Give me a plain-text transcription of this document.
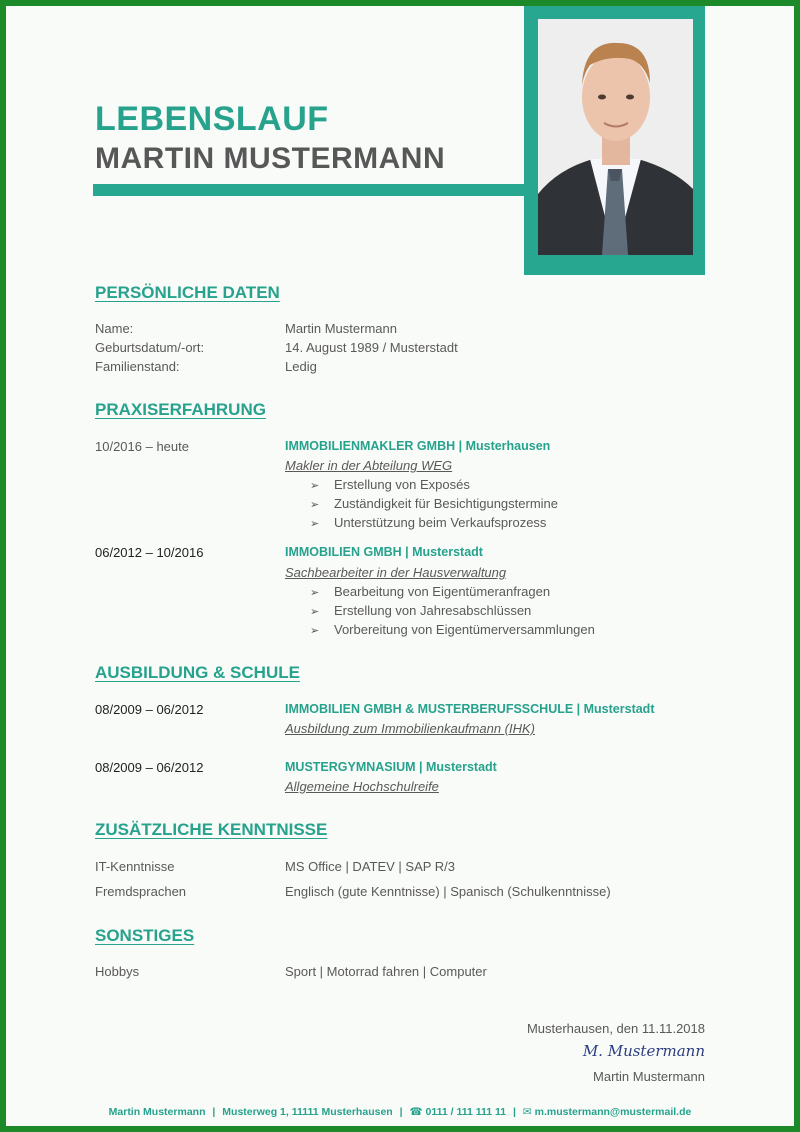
LEBENSLAUF
MARTIN MUSTERMANN
PERSÖNLICHE DATEN
Name:	Martin Mustermann
Geburtsdatum/-ort:	14. August 1989 / Musterstadt
Familienstand:	Ledig
PRAXISERFAHRUNG
10/2016 – heute	IMMOBILIENMAKLER GMBH | Musterhausen
Makler in der Abteilung WEG
➢ Erstellung von Exposés
➢ Zuständigkeit für Besichtigungstermine
➢ Unterstützung beim Verkaufsprozess
06/2012 – 10/2016	IMMOBILIEN GMBH | Musterstadt
Sachbearbeiter in der Hausverwaltung
➢ Bearbeitung von Eigentümeranfragen
➢ Erstellung von Jahresabschlüssen
➢ Vorbereitung von Eigentümerversammlungen
AUSBILDUNG & SCHULE
08/2009 – 06/2012	IMMOBILIEN GMBH & MUSTERBERUFSSCHULE | Musterstadt
Ausbildung zum Immobilienkaufmann (IHK)
08/2009 – 06/2012	MUSTERGYMNASIUM | Musterstadt
Allgemeine Hochschulreife
ZUSÄTZLICHE KENNTNISSE
IT-Kenntnisse	MS Office | DATEV | SAP R/3
Fremdsprachen	Englisch (gute Kenntnisse) | Spanisch (Schulkenntnisse)
SONSTIGES
Hobbys	Sport | Motorrad fahren | Computer
Musterhausen, den 11.11.2018
M. Mustermann
Martin Mustermann
Martin Mustermann | Musterweg 1, 11111 Musterhausen | ☎ 0111 / 111 111 11 | ✉ m.mustermann@mustermail.de
